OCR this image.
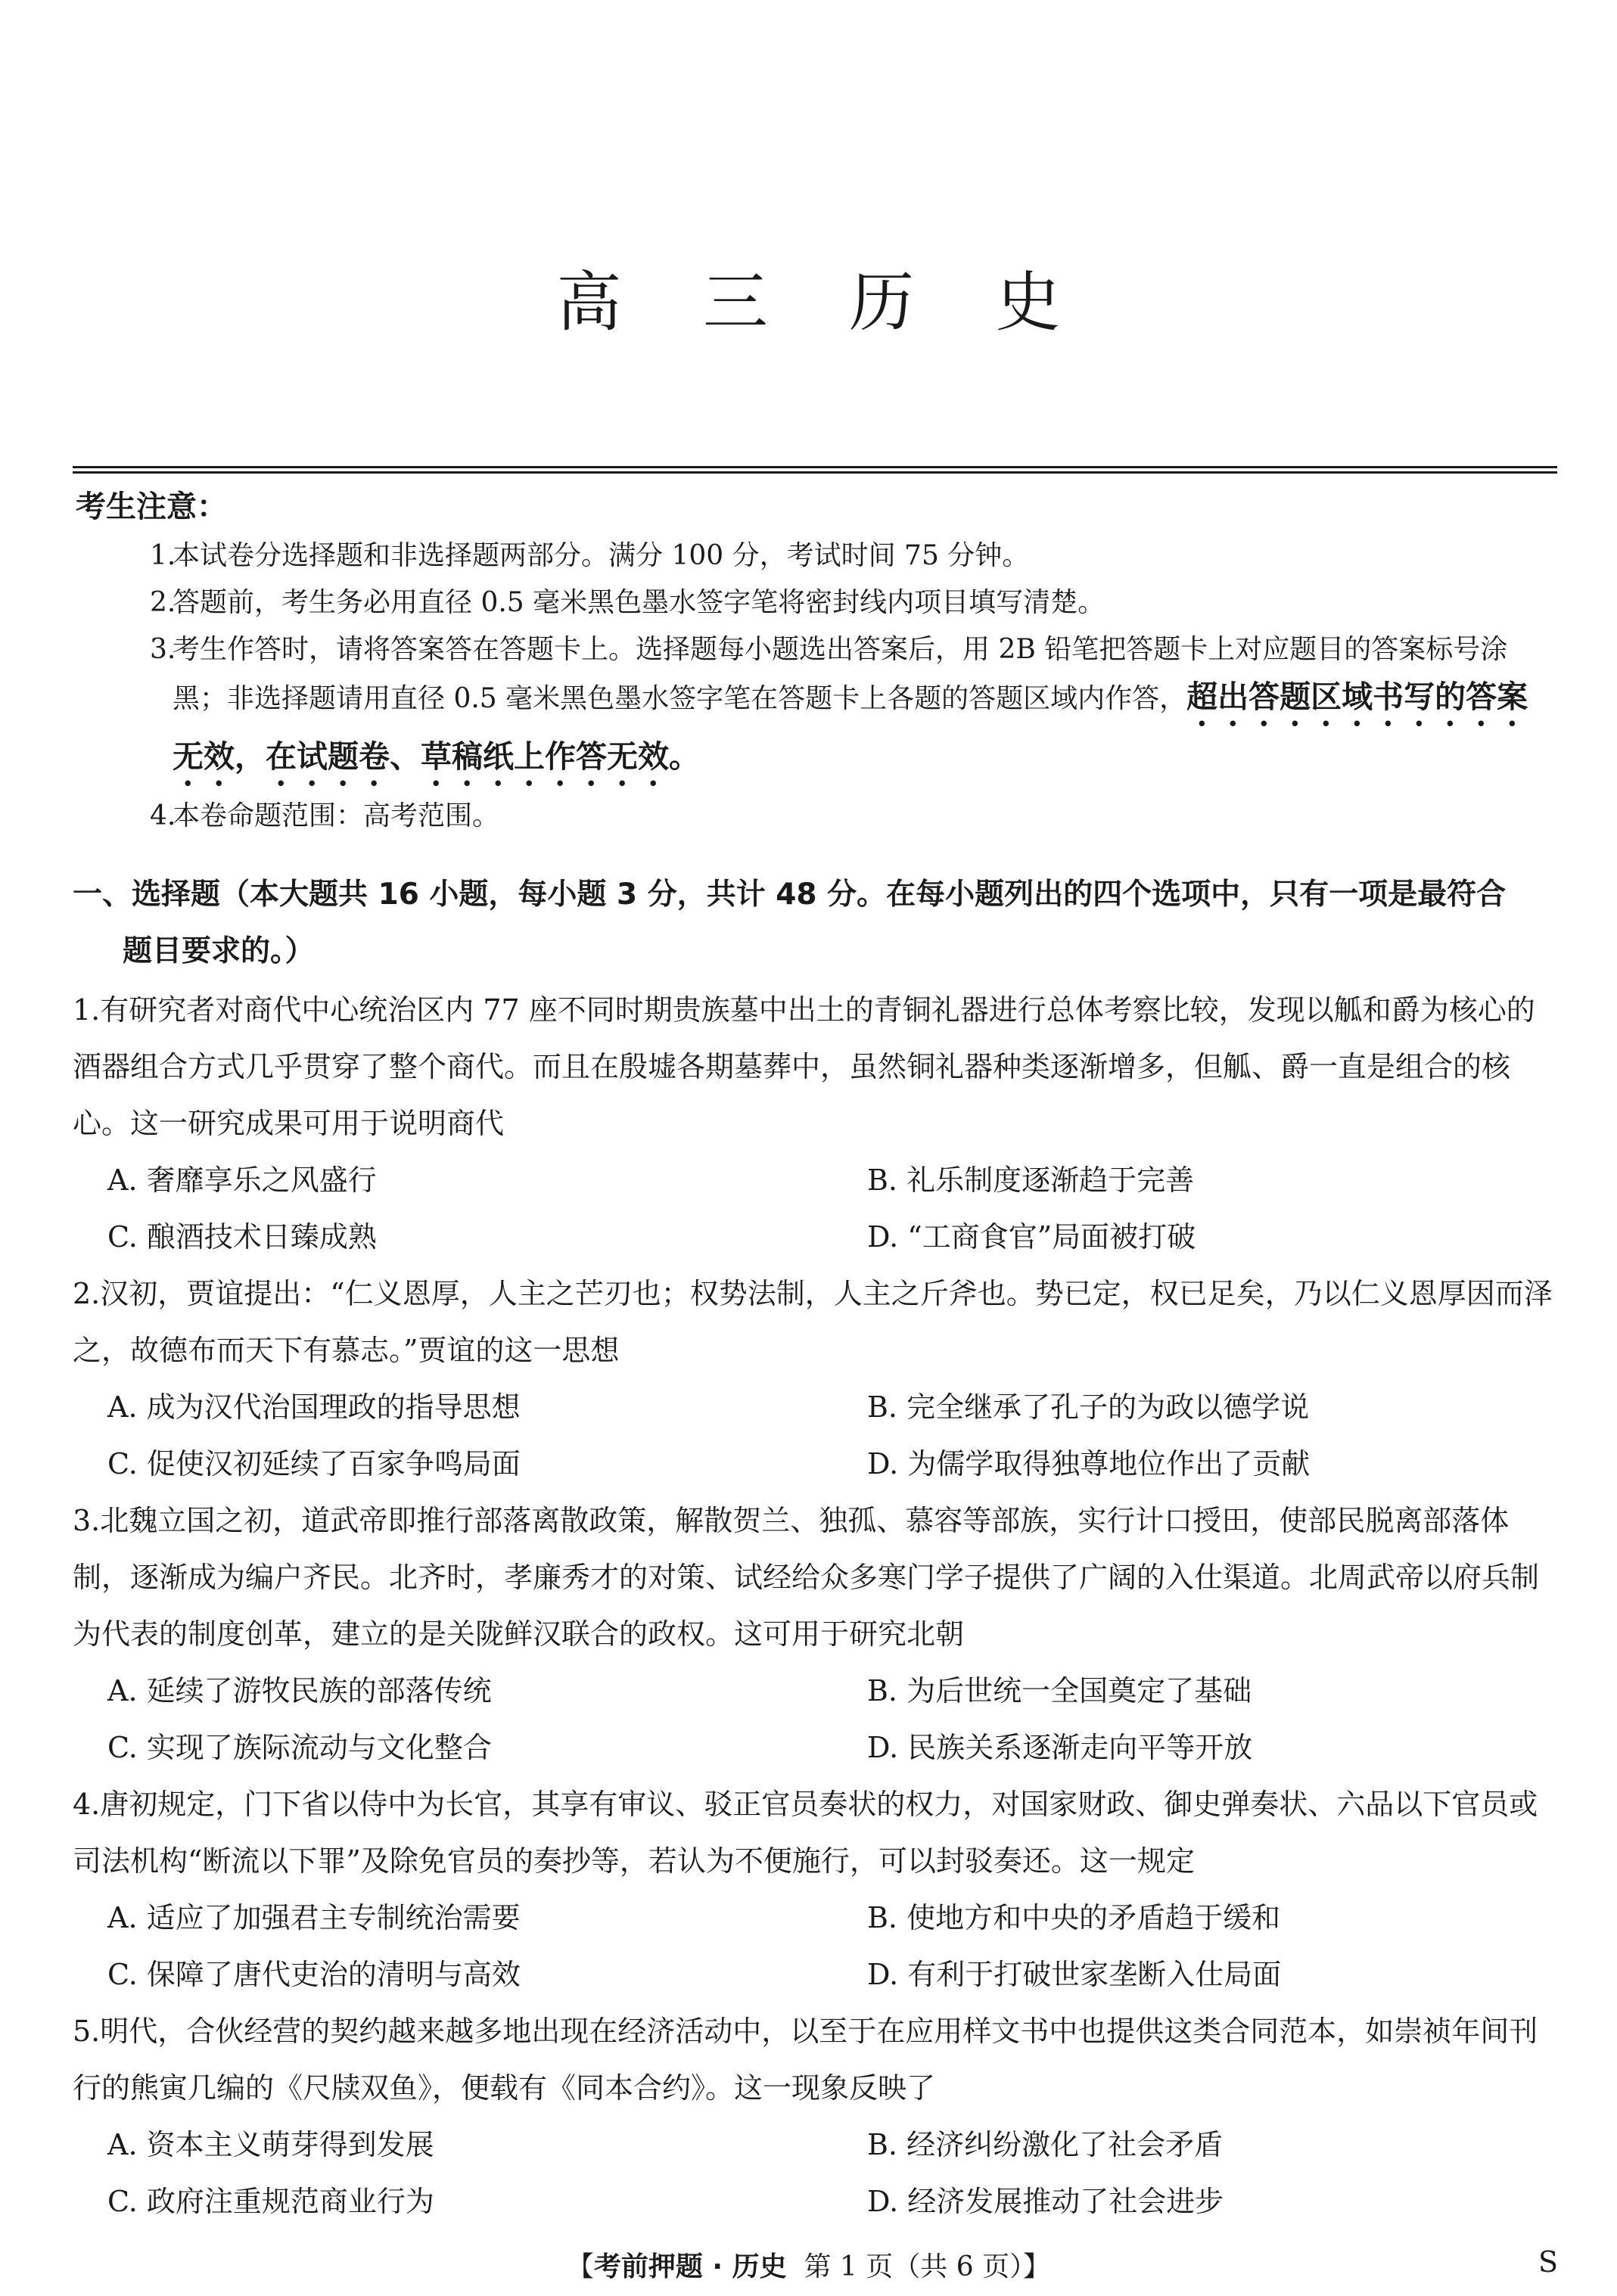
高 三 历 史
考生注意：
1.本试卷分选择题和非选择题两部分。满分 100 分，考试时间 75 分钟。
2.答题前，考生务必用直径 0.5 毫米黑色墨水签字笔将密封线内项目填写清楚。
3.
考生作答时，请将答案答在答题卡上。选择题每小题选出答案后，用 2B 铅笔把答题卡上对应题目的答案标号涂黑；非选择题请用直径 0.5 毫米黑色墨水签字笔在答题卡上各题的答题区域内作答，超出答题区域书写的答案无效，在试题卷、草稿纸上作答无效。
4.本卷命题范围：高考范围。
一、选择题（本大题共 16 小题，每小题 3 分，共计 48 分。在每小题列出的四个选项中，只有一项是最符合
题目要求的。）
1.有研究者对商代中心统治区内 77 座不同时期贵族墓中出土的青铜礼器进行总体考察比较，发现以觚和爵为核心的酒器组合方式几乎贯穿了整个商代。而且在殷墟各期墓葬中，虽然铜礼器种类逐渐增多，但觚、爵一直是组合的核心。这一研究成果可用于说明商代
A. 奢靡享乐之风盛行	B. 礼乐制度逐渐趋于完善
C. 酿酒技术日臻成熟	D. “工商食官”局面被打破
2.汉初，贾谊提出：“仁义恩厚，人主之芒刃也；权势法制，人主之斤斧也。势已定，权已足矣，乃以仁义恩厚因而泽之，故德布而天下有慕志。”贾谊的这一思想
A. 成为汉代治国理政的指导思想	B. 完全继承了孔子的为政以德学说
C. 促使汉初延续了百家争鸣局面	D. 为儒学取得独尊地位作出了贡献
3.北魏立国之初，道武帝即推行部落离散政策，解散贺兰、独孤、慕容等部族，实行计口授田，使部民脱离部落体制，逐渐成为编户齐民。北齐时，孝廉秀才的对策、试经给众多寒门学子提供了广阔的入仕渠道。北周武帝以府兵制为代表的制度创革，建立的是关陇鲜汉联合的政权。这可用于研究北朝
A. 延续了游牧民族的部落传统	B. 为后世统一全国奠定了基础
C. 实现了族际流动与文化整合	D. 民族关系逐渐走向平等开放
4.唐初规定，门下省以侍中为长官，其享有审议、驳正官员奏状的权力，对国家财政、御史弹奏状、六品以下官员或司法机构“断流以下罪”及除免官员的奏抄等，若认为不便施行，可以封驳奏还。这一规定
A. 适应了加强君主专制统治需要	B. 使地方和中央的矛盾趋于缓和
C. 保障了唐代吏治的清明与高效	D. 有利于打破世家垄断入仕局面
5.明代，合伙经营的契约越来越多地出现在经济活动中，以至于在应用样文书中也提供这类合同范本，如崇祯年间刊行的熊寅几编的《尺牍双鱼》，便载有《同本合约》。这一现象反映了
A. 资本主义萌芽得到发展	B. 经济纠纷激化了社会矛盾
C. 政府注重规范商业行为	D. 经济发展推动了社会进步
【考前押题 · 历史 第 1 页（共 6 页）】	S
